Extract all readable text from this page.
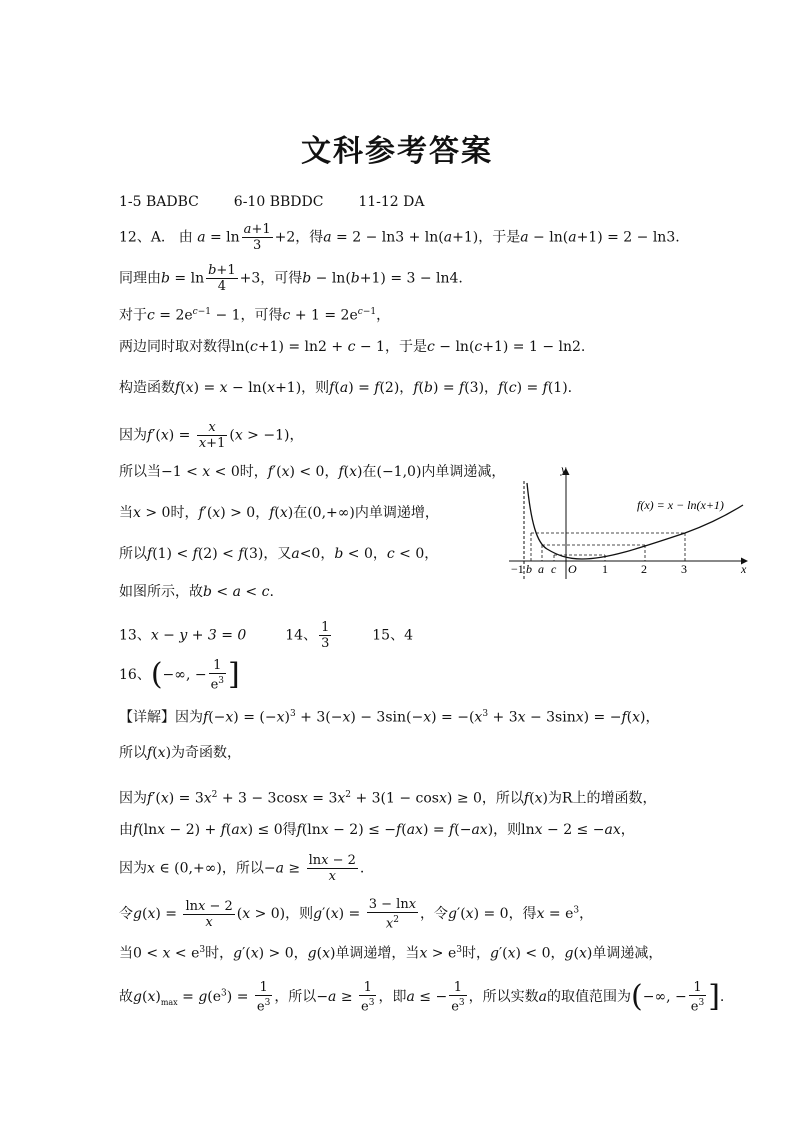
文科参考答案
1-5 BADBC 6-10 BBDDC 11-12 DA
12、A. 由 $a = \ln \frac{a+1}{3} +2$，得a = 2 − ln3 + ln(a+1)，于是a − ln(a+1) = 2 − ln3.
同理由$b = \ln \frac{b+1}{4} +3$，可得b − ln(b+1) = 3 − ln4.
对于$c = 2e^{c-1} - 1$，可得$c + 1 = 2e^{c-1}$，
两边同时取对数得ln(c+1) = ln2 + c − 1，于是c − ln(c+1) = 1 − ln2.
构造函数f(x) = x − ln(x+1)，则f(a) = f(2)，f(b) = f(3)，f(c) = f(1).
因为$f'(x) = \frac{x}{x+1} (x > -1)$，
所以当−1 < x < 0时，f′(x) < 0，f(x)在(−1,0)内单调递减，
当x > 0时，f′(x) > 0，f(x)在(0,+∞)内单调递增，
所以f(1) < f(2) < f(3)，又a<0，b < 0，c < 0，
如图所示，故b < a < c.
y
x
f(x) = x − ln(x+1)
−1 b a c O 1	2	3
13、x − y + 3 = 0	14、 $\frac{1}{3}$	15、4
16、(−∞, − $\frac{1}{e^3}$ ]
【详解】因为$f(-x) = (-x)^3 + 3(-x) - 3\sin(-x) = -(x^3 + 3x - 3\sin x) = -f(x)$，
所以f(x)为奇函数，
因为$f'(x) = 3x^2 + 3 - 3\cos x = 3x^2 + 3(1 - \cos x) \ge 0$，所以f(x)为R上的增函数，
由f(lnx − 2) + f(ax) ≤ 0得f(lnx − 2) ≤ −f(ax) = f(−ax)，则lnx − 2 ≤ −ax，
因为x ∈ (0,+∞)，所以$-a \ge \frac{\ln x - 2}{x}$ .
令$g(x) = \frac{\ln x - 2}{x} (x > 0)$，则$g'(x) = \frac{3 - \ln x}{x^2}$ ，令g′(x) = 0，得$x = e^3$，
当$0 < x < e^3$时，g′(x) > 0，g(x)单调递增，当$x > e^3$时，g′(x) < 0，g(x)单调递减，
故$g(x)_{max} = g(e^3) = \frac{1}{e^3}$ ，所以$-a \ge \frac{1}{e^3}$ ，即a ≤ − $\frac{1}{e^3}$ ，所以实数a的取值范围为(−∞, − $\frac{1}{e^3}$ ].
